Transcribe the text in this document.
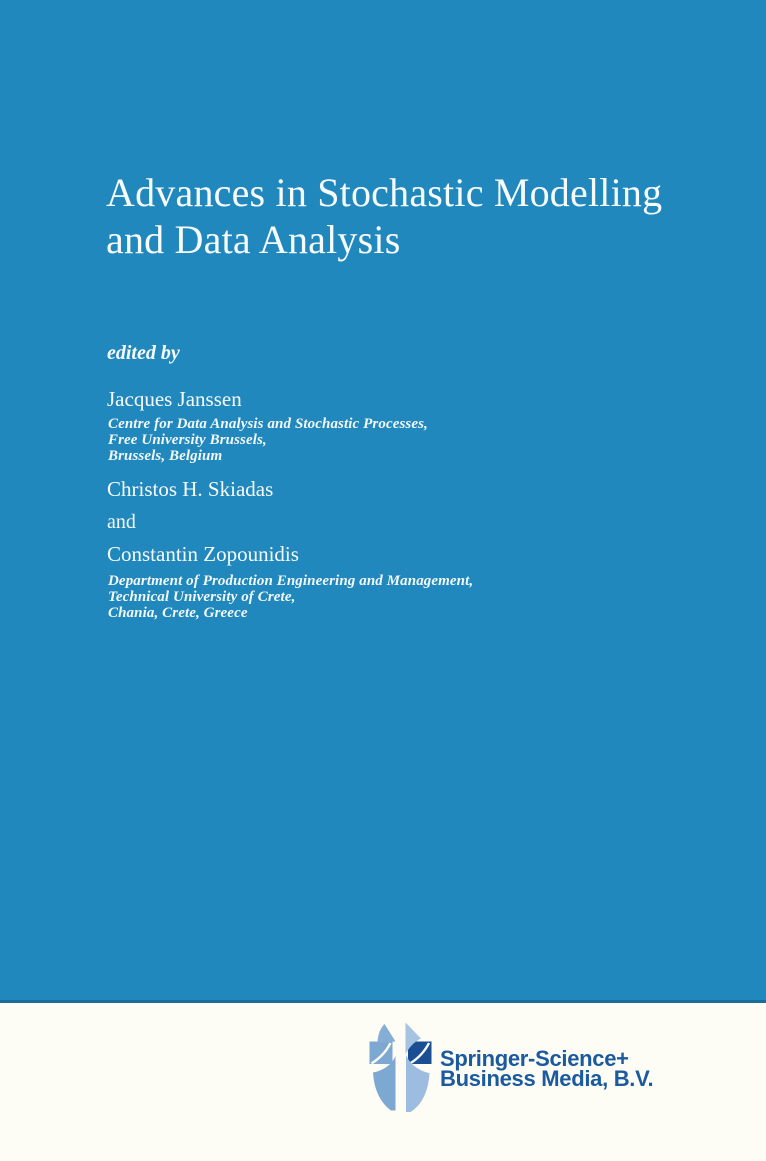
Advances in Stochastic Modelling
and Data Analysis
edited by
Jacques Janssen
Centre for Data Analysis and Stochastic Processes,
Free University Brussels,
Brussels, Belgium
Christos H. Skiadas
and
Constantin Zopounidis
Department of Production Engineering and Management,
Technical University of Crete,
Chania, Crete, Greece
Springer-Science+
Business Media, B.V.
